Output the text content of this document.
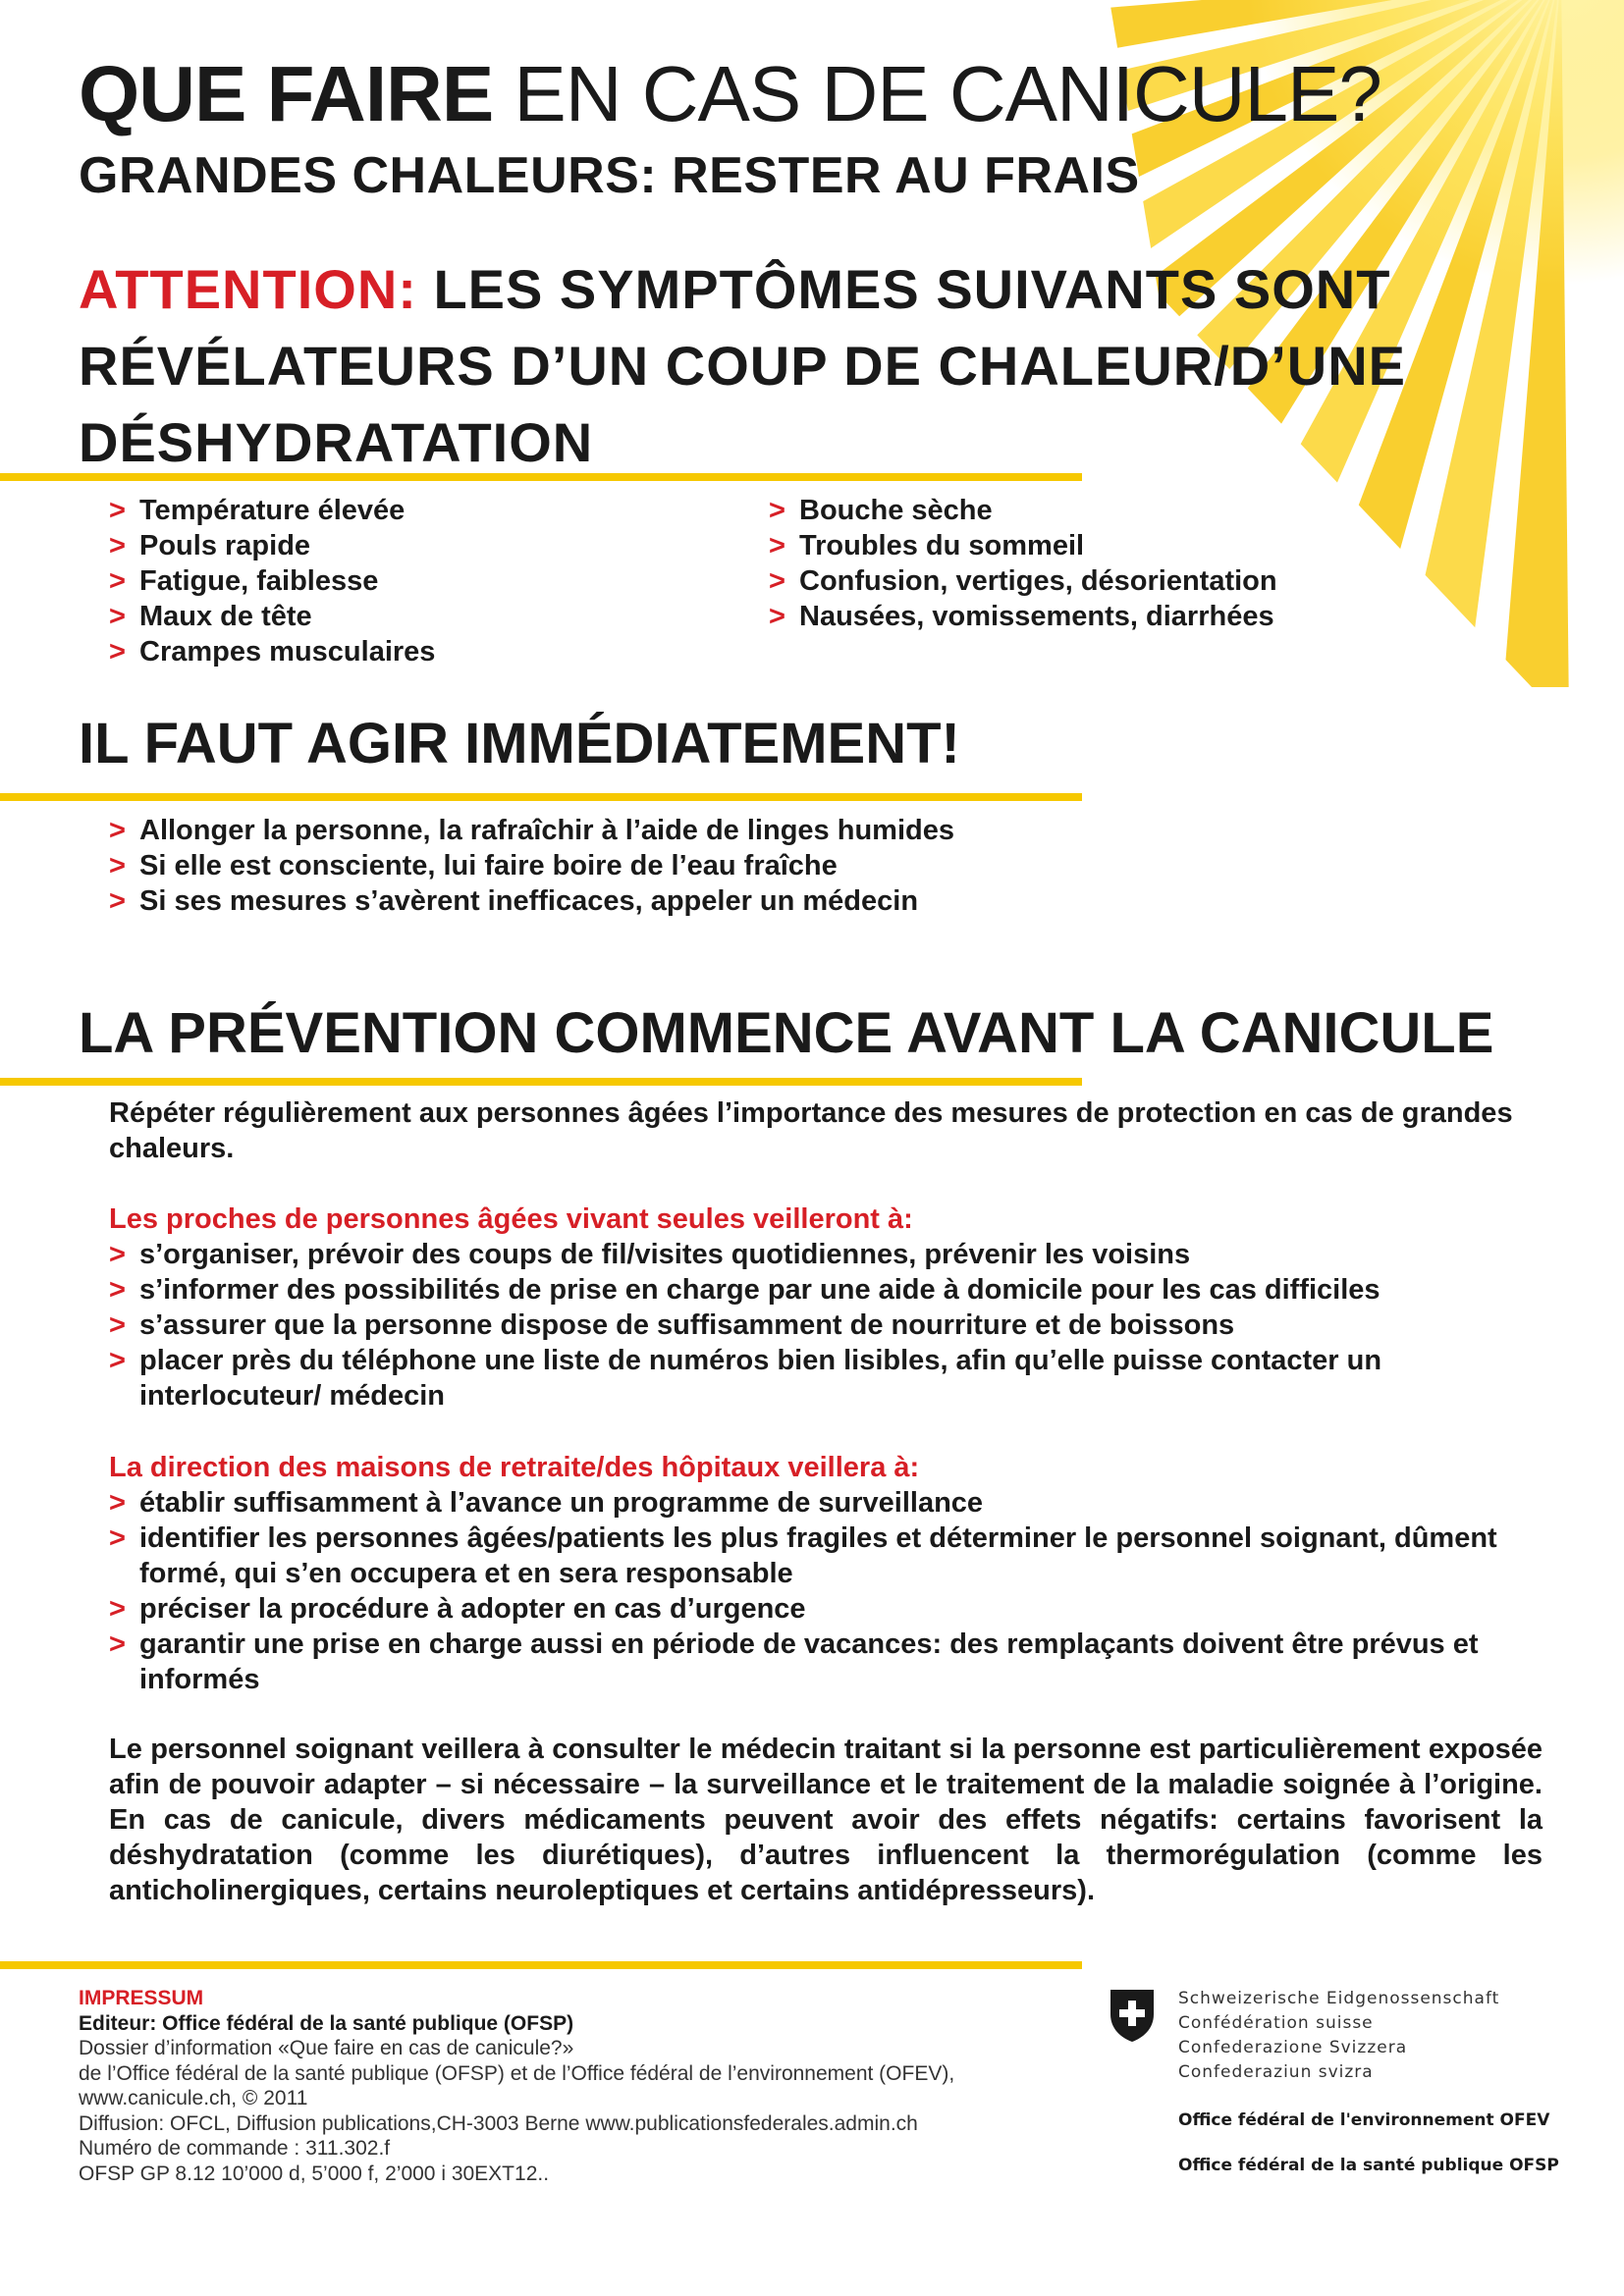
QUE FAIRE EN CAS DE CANICULE?
GRANDES CHALEURS: RESTER AU FRAIS
ATTENTION: LES SYMPTÔMES SUIVANTS SONT RÉVÉLATEURS D’UN COUP DE CHALEUR/D’UNE DÉSHYDRATATION
> Température élevée
> Pouls rapide
> Fatigue, faiblesse
> Maux de tête
> Crampes musculaires
> Bouche sèche
> Troubles du sommeil
> Confusion, vertiges, désorientation
> Nausées, vomissements, diarrhées
IL FAUT AGIR IMMÉDIATEMENT!
> Allonger la personne, la rafraîchir à l’aide de linges humides
> Si elle est consciente, lui faire boire de l’eau fraîche
> Si ses mesures s’avèrent inefficaces, appeler un médecin
LA PRÉVENTION COMMENCE AVANT LA CANICULE
Répéter régulièrement aux personnes âgées l’importance des mesures de protection en cas de grandes chaleurs.
Les proches de personnes âgées vivant seules veilleront à:
> s’organiser, prévoir des coups de fil/visites quotidiennes, prévenir les voisins
> s’informer des possibilités de prise en charge par une aide à domicile pour les cas difficiles
> s’assurer que la personne dispose de suffisamment de nourriture et de boissons
> placer près du téléphone une liste de numéros bien lisibles, afin qu’elle puisse contacter un interlocuteur/ médecin
La direction des maisons de retraite/des hôpitaux veillera à:
> établir suffisamment à l’avance un programme de surveillance
> identifier les personnes âgées/patients les plus fragiles et déterminer le personnel soignant, dûment formé, qui s’en occupera et en sera responsable
> préciser la procédure à adopter en cas d’urgence
> garantir une prise en charge aussi en période de vacances: des remplaçants doivent être prévus et informés
Le personnel soignant veillera à consulter le médecin traitant si la personne est particulièrement exposée afin de pouvoir adapter – si nécessaire – la surveillance et le traitement de la maladie soignée à l’origine. En cas de canicule, divers médicaments peuvent avoir des effets négatifs: certains favorisent la déshydratation (comme les diurétiques), d’autres influencent la thermorégulation (comme les anticholinergiques, certains neuroleptiques et certains antidépresseurs).
IMPRESSUM
Editeur: Office fédéral de la santé publique (OFSP)
Dossier d’information «Que faire en cas de canicule?»
de l’Office fédéral de la santé publique (OFSP) et de l’Office fédéral de l’environnement (OFEV),
www.canicule.ch, © 2011
Diffusion: OFCL, Diffusion publications,CH-3003 Berne www.publicationsfederales.admin.ch
Numéro de commande : 311.302.f
OFSP GP 8.12 10’000 d, 5’000 f, 2’000 i 30EXT12..
Schweizerische Eidgenossenschaft
Confédération suisse
Confederazione Svizzera
Confederaziun svizra
Office fédéral de l'environnement OFEV
Office fédéral de la santé publique OFSP
